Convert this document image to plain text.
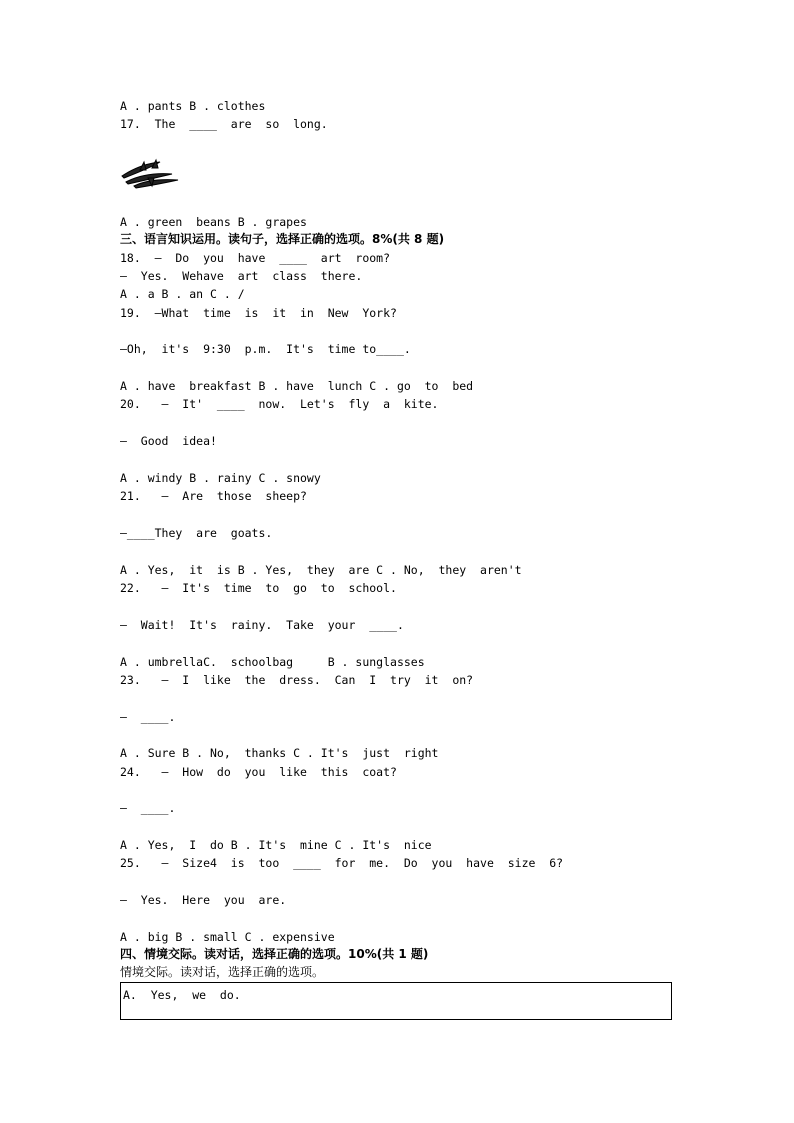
A . pants B . clothes
17.  The  ____  are  so  long.
A . green  beans B . grapes
三、语言知识运用。读句子，选择正确的选项。8%(共 8 题)
18.  —  Do  you  have  ____  art  room?
—  Yes.  Wehave  art  class  there.
A . a B . an C . /
19.  —What  time  is  it  in  New  York?
—Oh,  it's  9:30  p.m.  It's  time to____.
A . have  breakfast B . have  lunch C . go  to  bed
20.   —  It'  ____  now.  Let's  fly  a  kite.
—  Good  idea!
A . windy B . rainy C . snowy
21.   —  Are  those  sheep?
—____They  are  goats.
A . Yes,  it  is B . Yes,  they  are C . No,  they  aren't
22.   —  It's  time  to  go  to  school.
—  Wait!  It's  rainy.  Take  your  ____.
A . umbrellaC.  schoolbag     B . sunglasses
23.   —  I  like  the  dress.  Can  I  try  it  on?
—  ____.
A . Sure B . No,  thanks C . It's  just  right
24.   —  How  do  you  like  this  coat?
—  ____.
A . Yes,  I  do B . It's  mine C . It's  nice
25.   —  Size4  is  too  ____  for  me.  Do  you  have  size  6?
—  Yes.  Here  you  are.
A . big B . small C . expensive
四、情境交际。读对话，选择正确的选项。10%(共 1 题)
情境交际。读对话，选择正确的选项。
A.  Yes,  we  do.
